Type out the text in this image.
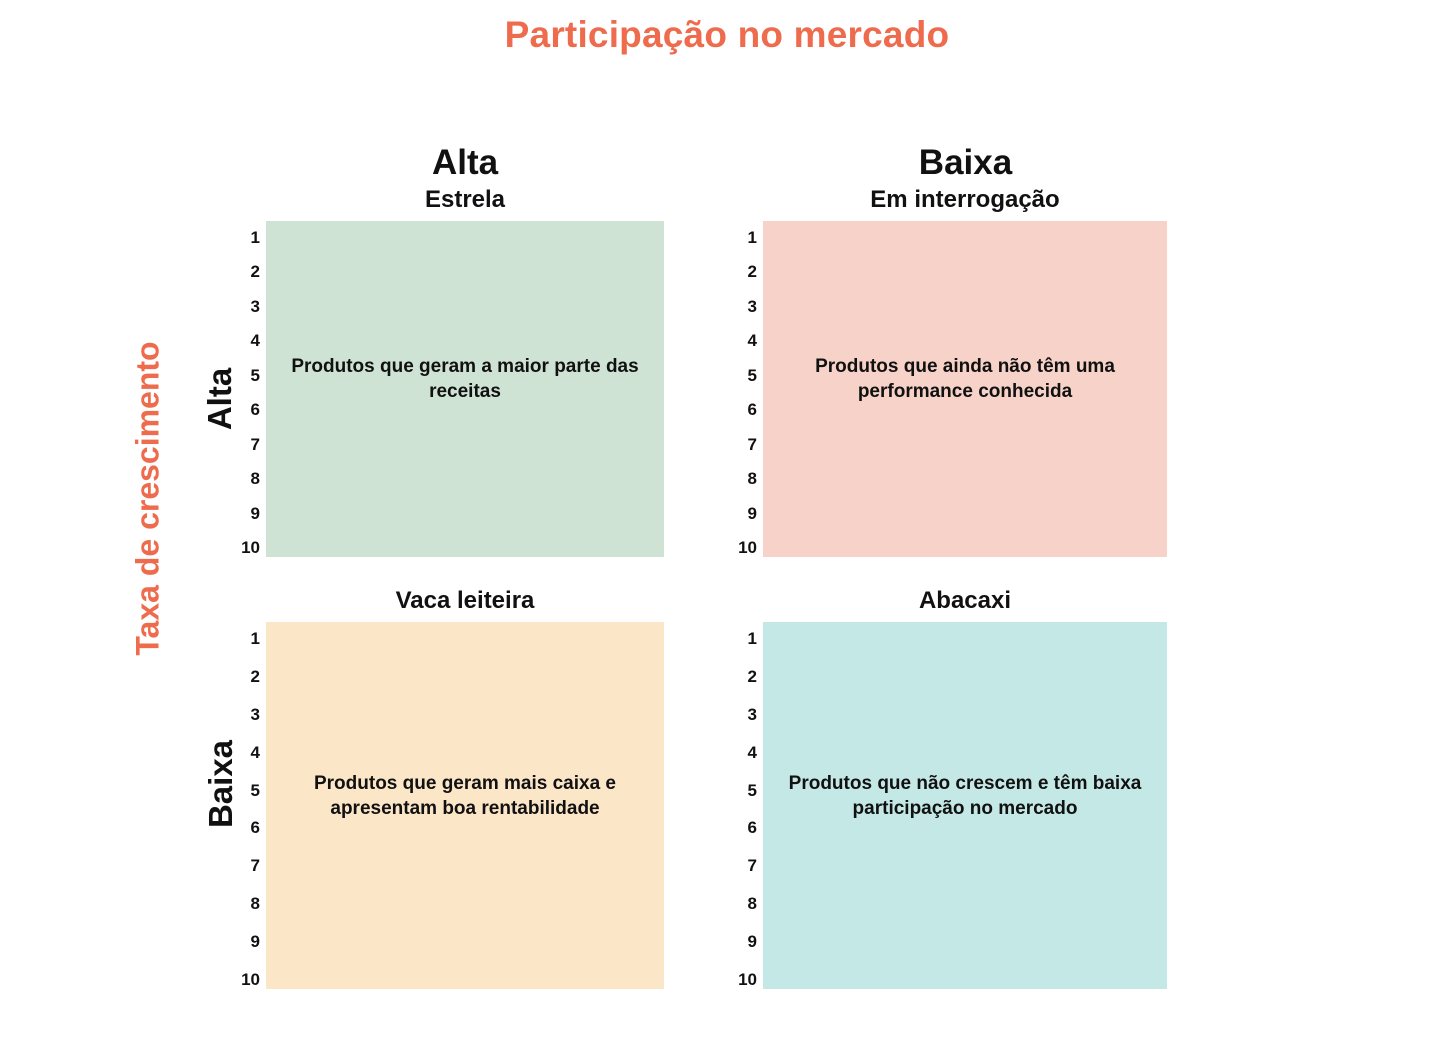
Participação no mercado
Taxa de crescimento Alta
Baixa
Alta	Baixa
Estrela
1
2
3
4
5
6
7
8
9
10
Produtos que geram a maior parte das receitas
Em interrogação
1
2
3
4
5
6
7
8
9
10
Produtos que ainda não têm uma performance conhecida
Vaca leiteira
1
2
3
4
5
6
7
8
9
10
Produtos que geram mais caixa e apresentam boa rentabilidade
Abacaxi
1
2
3
4
5
6
7
8
9
10
Produtos que não crescem e têm baixa participação no mercado
